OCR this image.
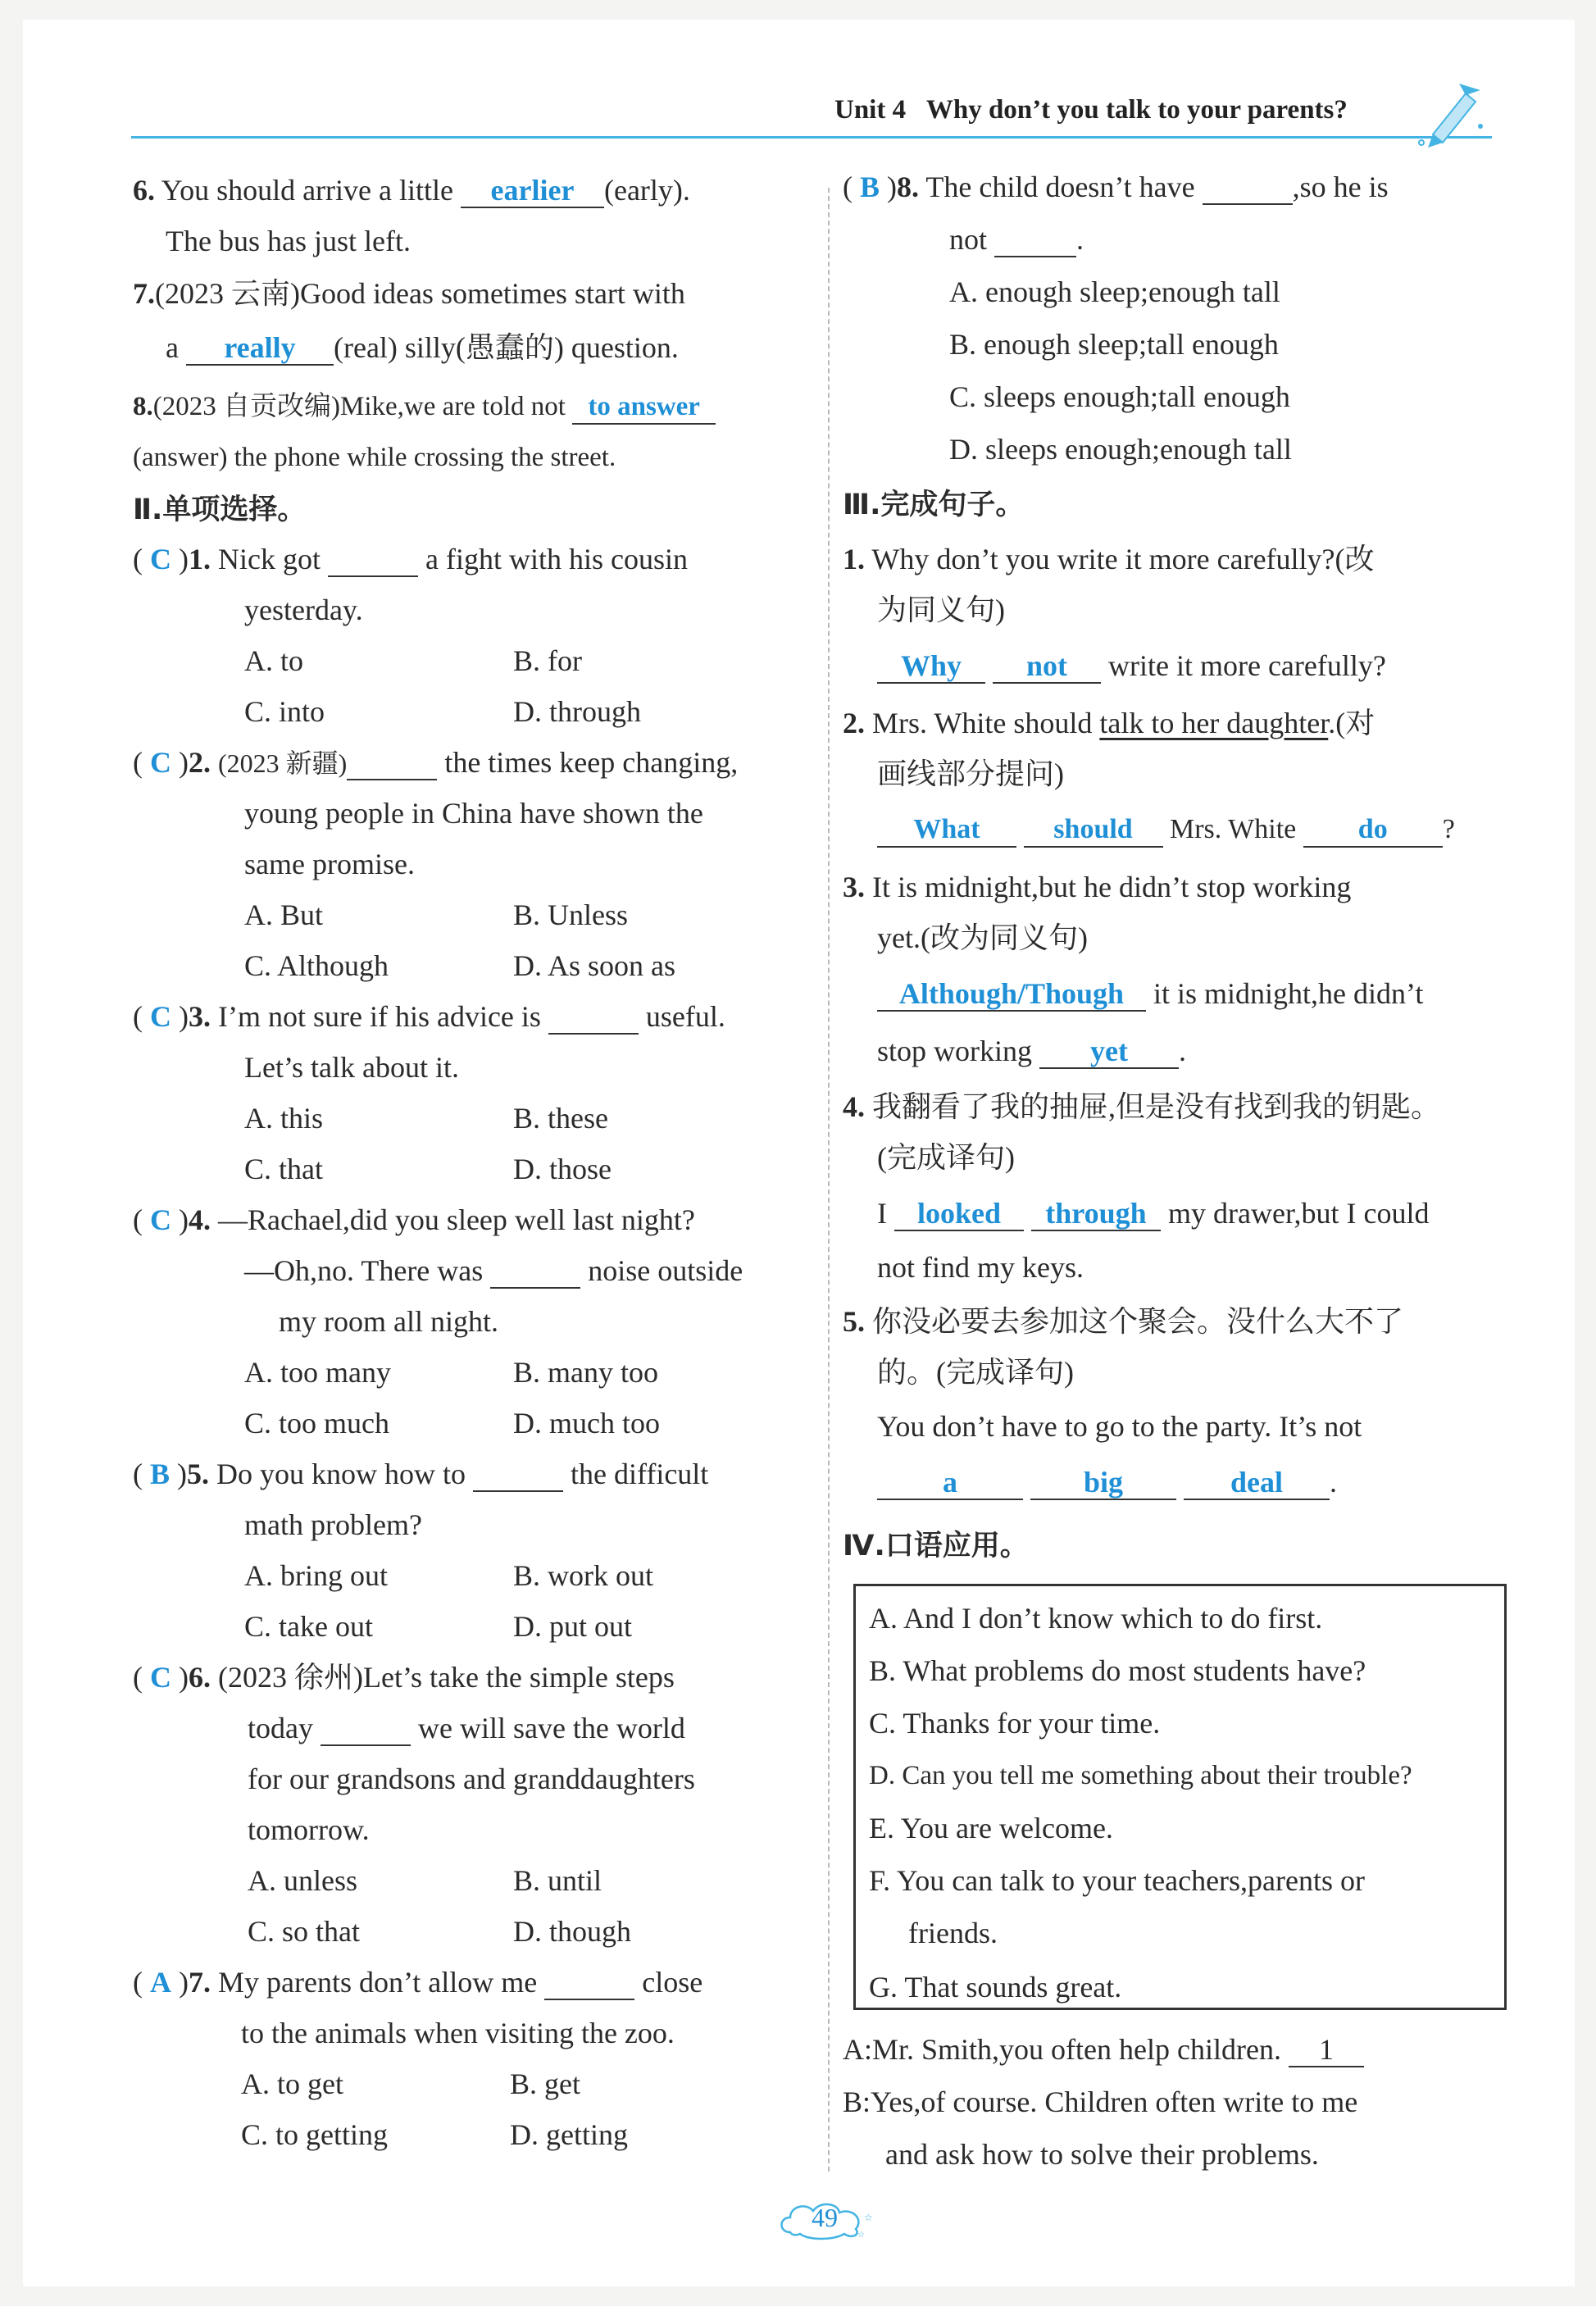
Unit 4 Why don’t you talk to your parents?
6. You should arrive a little earlier (early).
The bus has just left.
7.(2023 云南)Good ideas sometimes start with
a really (real) silly(愚蠢的) question.
8.(2023 自贡改编)Mike,we are told not to answer
(answer) the phone while crossing the street.
Ⅱ.单项选择。
( C )1. Nick got	a fight with his cousin
yesterday.
A. to	B. for
C. into	D. through
( C )2. (2023 新疆)	the times keep changing,
young people in China have shown the
same promise.
A. But	B. Unless
C. Although	D. As soon as
( C )3. I’m not sure if his advice is	useful.
Let’s talk about it.
A. this	B. these
C. that	D. those
( C )4. —Rachael,did you sleep well last night?
—Oh,no. There was	noise outside
my room all night.
A. too many	B. many too
C. too much	D. much too
( B )5. Do you know how to	the difficult
math problem?
A. bring out	B. work out
C. take out	D. put out
( C )6. (2023 徐州)Let’s take the simple steps
today	we will save the world
for our grandsons and granddaughters
tomorrow.
A. unless	B. until
C. so that	D. though
( A )7. My parents don’t allow me	close
to the animals when visiting the zoo.
A. to get	B. get
C. to getting	D. getting
( B )8. The child doesn’t have	,so he is
not	.
A. enough sleep;enough tall
B. enough sleep;tall enough
C. sleeps enough;tall enough
D. sleeps enough;enough tall
Ⅲ.完成句子。
1. Why don’t you write it more carefully?(改
为同义句)
Why not write it more carefully?
2. Mrs. White should talk to her daughter.(对
画线部分提问)
What	should Mrs. White do ?
3. It is midnight,but he didn’t stop working
yet.(改为同义句)
Although/Though it is midnight,he didn’t
stop working yet .
4. 我翻看了我的抽屉,但是没有找到我的钥匙。
(完成译句)
I looked through my drawer,but I could
not find my keys.
5. 你没必要去参加这个聚会。没什么大不了
的。(完成译句)
You don’t have to go to the party. It’s not
a	big	deal .
Ⅳ.口语应用。
A. And I don’t know which to do first.
B. What problems do most students have?
C. Thanks for your time.
D. Can you tell me something about their trouble?
E. You are welcome.
F. You can talk to your teachers,parents or
friends.
G. That sounds great.
A:Mr. Smith,you often help children. 1
B:Yes,of course. Children often write to me
and ask how to solve their problems.
☆
☆
49
